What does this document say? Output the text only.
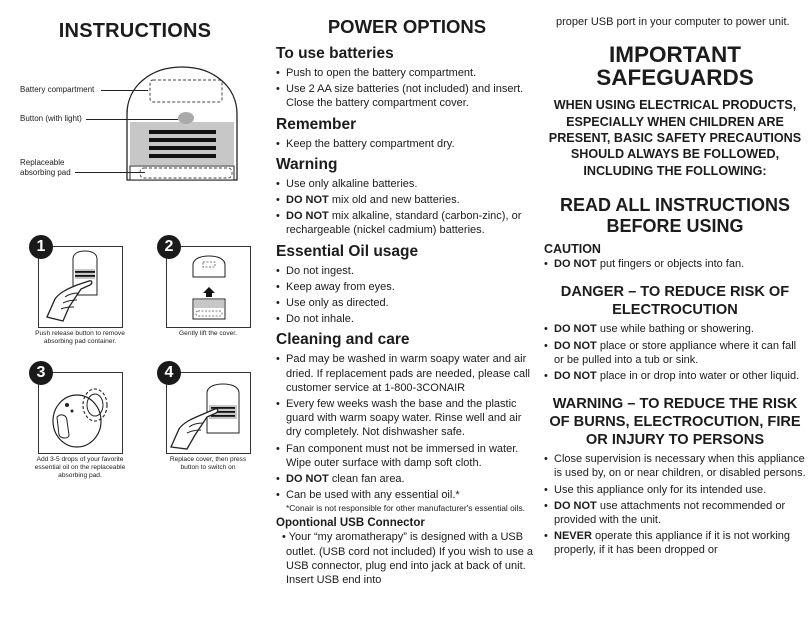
INSTRUCTIONS
Battery compartment
Button (with light)
Replaceable
absorbing pad
1
Push release button to remove
absorbing pad container.
2
Gently lift the cover.
3
Add 3-5 drops of your favorite
essential oil on the replaceable
absorbing pad.
4
Replace cover, then press
button to switch on
POWER OPTIONS
To use batteries
• Push to open the battery compartment.
• Use 2 AA size batteries (not included) and insert. Close the battery compartment cover.
Remember
• Keep the battery compartment dry.
Warning
• Use only alkaline batteries.
• DO NOT mix old and new batteries.
• DO NOT mix alkaline, standard (carbon-zinc), or rechargeable (nickel cadmium) batteries.
Essential Oil usage
• Do not ingest.
• Keep away from eyes.
• Use only as directed.
• Do not inhale.
Cleaning and care
• Pad may be washed in warm soapy water and air dried. If replacement pads are needed, please call customer service at 1-800-3CONAIR
• Every few weeks wash the base and the plastic guard with warm soapy water. Rinse well and air dry completely. Not dishwasher safe.
• Fan component must not be immersed in water. Wipe outer surface with damp soft cloth.
• DO NOT clean fan area.
• Can be used with any essential oil.*
*Conair is not responsible for other manufacturer's essential oils.
Opontional USB Connector
• Your “my aromatherapy” is designed with a USB outlet. (USB cord not included) If you wish to use a USB connector, plug end into jack at back of unit. Insert USB end into
proper USB port in your computer to power unit.
IMPORTANT
SAFEGUARDS
WHEN USING ELECTRICAL PRODUCTS, ESPECIALLY WHEN CHILDREN ARE PRESENT, BASIC SAFETY PRECAUTIONS SHOULD ALWAYS BE FOLLOWED, INCLUDING THE FOLLOWING:
READ ALL INSTRUCTIONS BEFORE USING
CAUTION
• DO NOT put fingers or objects into fan.
DANGER – TO REDUCE RISK OF ELECTROCUTION
• DO NOT use while bathing or showering.
• DO NOT place or store appliance where it can fall or be pulled into a tub or sink.
• DO NOT place in or drop into water or other liquid.
WARNING – TO REDUCE THE RISK OF BURNS, ELECTROCUTION, FIRE OR INJURY TO PERSONS
• Close supervision is necessary when this appliance is used by, on or near children, or disabled persons.
• Use this appliance only for its intended use.
• DO NOT use attachments not recommended or provided with the unit.
• NEVER operate this appliance if it is not working properly, if it has been dropped or
